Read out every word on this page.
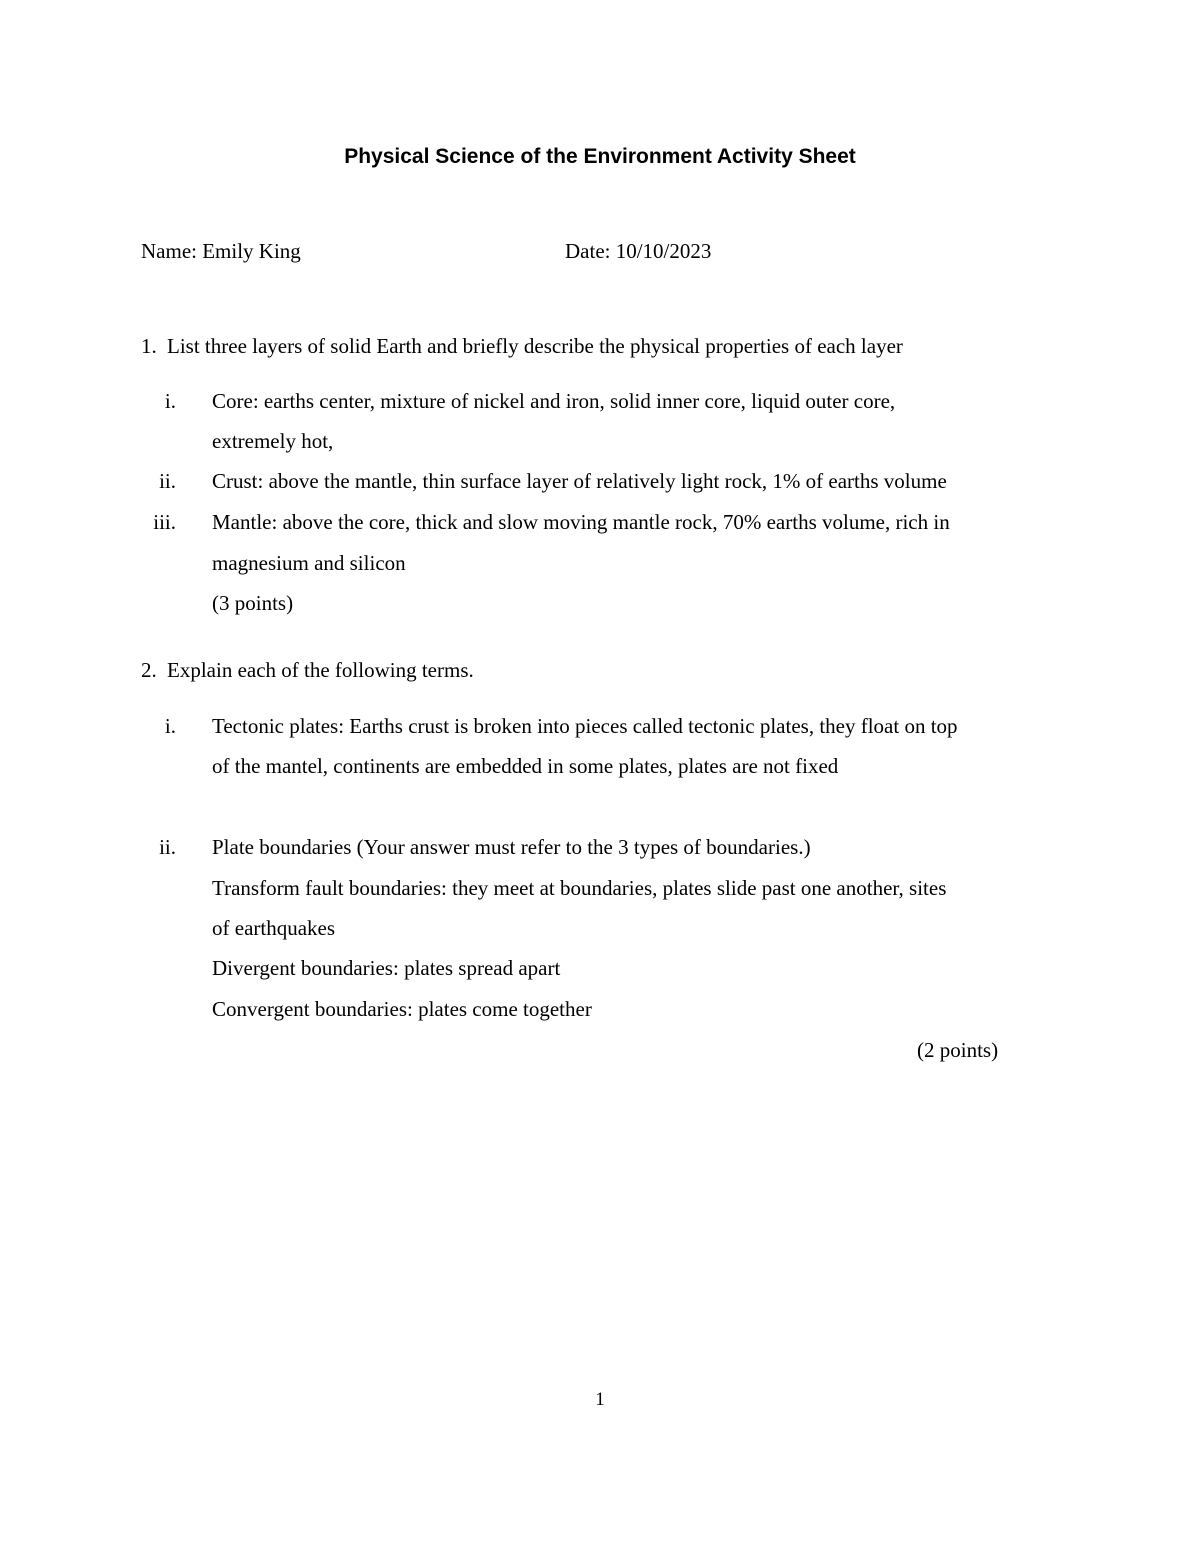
Physical Science of the Environment Activity Sheet
Name: Emily King	Date: 10/10/2023
1. List three layers of solid Earth and briefly describe the physical properties of each layer
i. Core: earths center, mixture of nickel and iron, solid inner core, liquid outer core,
extremely hot,
ii. Crust: above the mantle, thin surface layer of relatively light rock, 1% of earths volume
iii. Mantle: above the core, thick and slow moving mantle rock, 70% earths volume, rich in
magnesium and silicon
(3 points)
2. Explain each of the following terms.
i. Tectonic plates: Earths crust is broken into pieces called tectonic plates, they float on top
of the mantel, continents are embedded in some plates, plates are not fixed
ii. Plate boundaries (Your answer must refer to the 3 types of boundaries.)
Transform fault boundaries: they meet at boundaries, plates slide past one another, sites
of earthquakes
Divergent boundaries: plates spread apart
Convergent boundaries: plates come together
(2 points)
1
